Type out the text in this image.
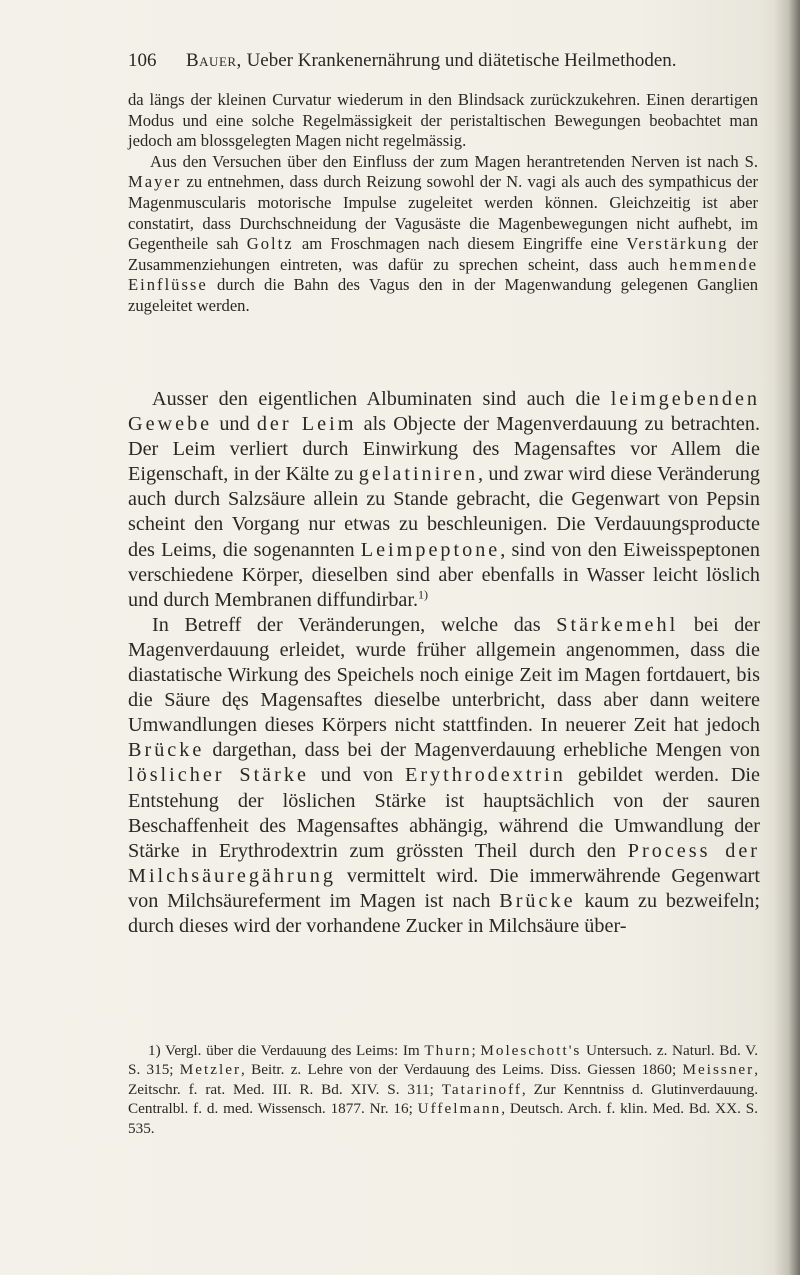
106 Bauer, Ueber Krankenernährung und diätetische Heilmethoden.

da längs der kleinen Curvatur wiederum in den Blindsack zurückzukehren. Einen derartigen Modus und eine solche Regelmässigkeit der peristaltischen Bewegungen beobachtet man jedoch am blossgelegten Magen nicht regelmässig.

Aus den Versuchen über den Einfluss der zum Magen herantretenden Nerven ist nach S. Mayer zu entnehmen, dass durch Reizung sowohl der N. vagi als auch des sympathicus der Magenmuscularis motorische Impulse zugeleitet werden können. Gleichzeitig ist aber constatirt, dass Durchschneidung der Vagusäste die Magenbewegungen nicht aufhebt, im Gegentheile sah Goltz am Froschmagen nach diesem Eingriffe eine Verstärkung der Zusammenziehungen eintreten, was dafür zu sprechen scheint, dass auch hemmende Einflüsse durch die Bahn des Vagus den in der Magenwandung gelegenen Ganglien zugeleitet werden.

Ausser den eigentlichen Albuminaten sind auch die leimgebenden Gewebe und der Leim als Objecte der Magenverdauung zu betrachten. Der Leim verliert durch Einwirkung des Magensaftes vor Allem die Eigenschaft, in der Kälte zu gelatiniren, und zwar wird diese Veränderung auch durch Salzsäure allein zu Stande gebracht, die Gegenwart von Pepsin scheint den Vorgang nur etwas zu beschleunigen. Die Verdauungsproducte des Leims, die sogenannten Leimpeptone, sind von den Eiweisspeptonen verschiedene Körper, dieselben sind aber ebenfalls in Wasser leicht löslich und durch Membranen diffundirbar.$^{1)}$

In Betreff der Veränderungen, welche das Stärkemehl bei der Magenverdauung erleidet, wurde früher allgemein angenommen, dass die diastatische Wirkung des Speichels noch einige Zeit im Magen fortdauert, bis die Säure dęs Magensaftes dieselbe unterbricht, dass aber dann weitere Umwandlungen dieses Körpers nicht stattfinden. In neuerer Zeit hat jedoch Brücke dargethan, dass bei der Magenverdauung erhebliche Mengen von löslicher Stärke und von Erythrodextrin gebildet werden. Die Entstehung der löslichen Stärke ist hauptsächlich von der sauren Beschaffenheit des Magensaftes abhängig, während die Umwandlung der Stärke in Erythrodextrin zum grössten Theil durch den Process der Milchsäuregährung vermittelt wird. Die immerwährende Gegenwart von Milchsäureferment im Magen ist nach Brücke kaum zu bezweifeln; durch dieses wird der vorhandene Zucker in Milchsäure über-

1) Vergl. über die Verdauung des Leims: Im Thurn; Moleschott's Untersuch. z. Naturl. Bd. V. S. 315; Metzler, Beitr. z. Lehre von der Verdauung des Leims. Diss. Giessen 1860; Meissner, Zeitschr. f. rat. Med. III. R. Bd. XIV. S. 311; Tatarinoff, Zur Kenntniss d. Glutinverdauung. Centralbl. f. d. med. Wissensch. 1877. Nr. 16; Uffelmann, Deutsch. Arch. f. klin. Med. Bd. XX. S. 535.
